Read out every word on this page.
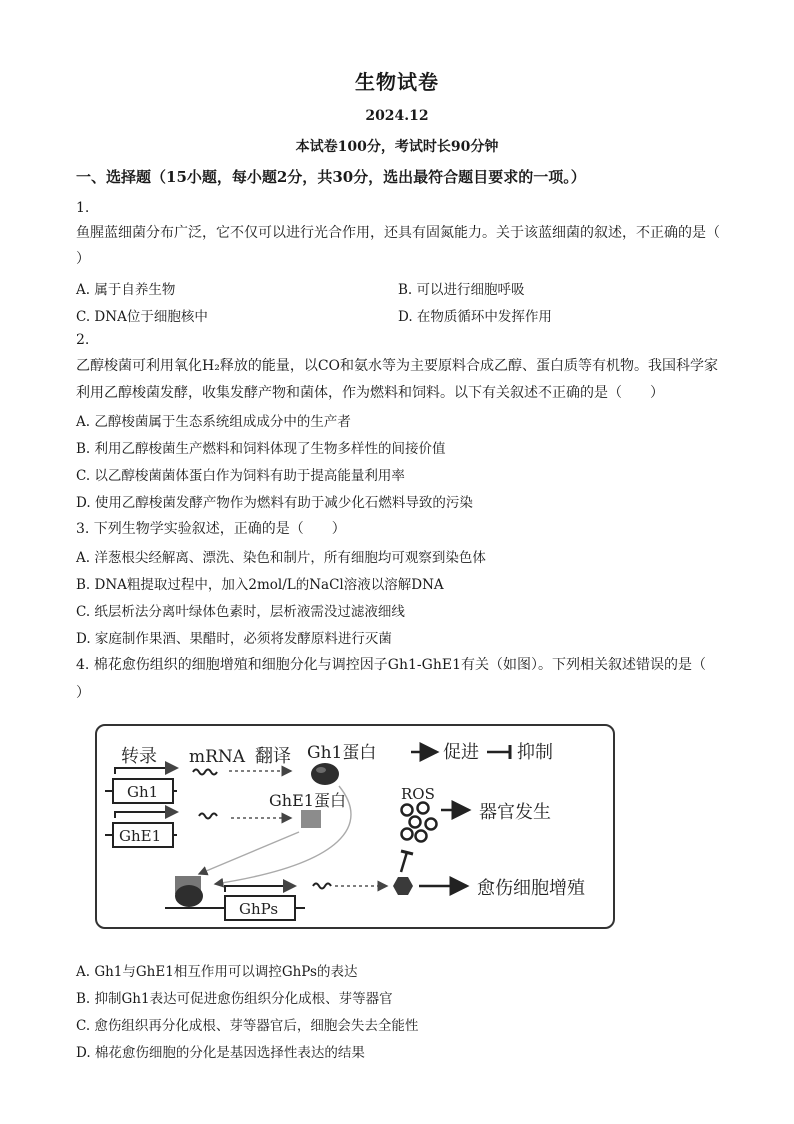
生物试卷
2024.12
本试卷100分，考试时长90分钟
一、选择题（15小题，每小题2分，共30分，选出最符合题目要求的一项。）
1.
鱼腥蓝细菌分布广泛，它不仅可以进行光合作用，还具有固氮能力。关于该蓝细菌的叙述，不正确的是（
）
A. 属于自养生物	B. 可以进行细胞呼吸
C. DNA位于细胞核中	D. 在物质循环中发挥作用
2.
乙醇梭菌可利用氧化H₂释放的能量，以CO和氨水等为主要原料合成乙醇、蛋白质等有机物。我国科学家
利用乙醇梭菌发酵，收集发酵产物和菌体，作为燃料和饲料。以下有关叙述不正确的是（　　）
A. 乙醇梭菌属于生态系统组成成分中的生产者
B. 利用乙醇梭菌生产燃料和饲料体现了生物多样性的间接价值
C. 以乙醇梭菌菌体蛋白作为饲料有助于提高能量利用率
D. 使用乙醇梭菌发酵产物作为燃料有助于减少化石燃料导致的污染
3. 下列生物学实验叙述，正确的是（　　）
A. 洋葱根尖经解离、漂洗、染色和制片，所有细胞均可观察到染色体
B. DNA粗提取过程中，加入2mol/L的NaCl溶液以溶解DNA
C. 纸层析法分离叶绿体色素时，层析液需没过滤液细线
D. 家庭制作果酒、果醋时，必须将发酵原料进行灭菌
4. 棉花愈伤组织的细胞增殖和细胞分化与调控因子Gh1-GhE1有关（如图）。下列相关叙述错误的是（
）
转录 mRNA 翻译 Gh1蛋白	促进 抑制
Gh1	GhE1蛋白
GhE1
ROS
器官发生
GhPs
愈伤细胞增殖
A. Gh1与GhE1相互作用可以调控GhPs的表达
B. 抑制Gh1表达可促进愈伤组织分化成根、芽等器官
C. 愈伤组织再分化成根、芽等器官后，细胞会失去全能性
D. 棉花愈伤细胞的分化是基因选择性表达的结果
